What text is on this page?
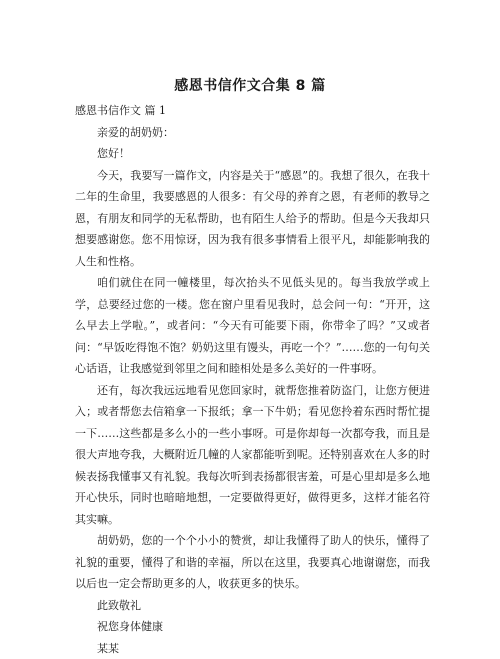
感恩书信作文合集 8 篇

感恩书信作文 篇 1

亲爱的胡奶奶：

您好！

今天，我要写一篇作文，内容是关于“感恩”的。我想了很久，在我十二年的生命里，我要感恩的人很多：有父母的养育之恩，有老师的教导之恩，有朋友和同学的无私帮助，也有陌生人给予的帮助。但是今天我却只想要感谢您。您不用惊讶，因为我有很多事情看上很平凡，却能影响我的人生和性格。

咱们就住在同一幢楼里，每次抬头不见低头见的。每当我放学或上学，总要经过您的一楼。您在窗户里看见我时，总会问一句：“开开，这么早去上学啦。”，或者问：“今天有可能要下雨，你带伞了吗？”又或者问：“早饭吃得饱不饱？奶奶这里有馒头，再吃一个？”……您的一句句关心话语，让我感觉到邻里之间和睦相处是多么美好的一件事呀。

还有，每次我远远地看见您回家时，就帮您推着防盗门，让您方便进入；或者帮您去信箱拿一下报纸；拿一下牛奶；看见您拎着东西时帮忙提一下……这些都是多么小的一些小事呀。可是你却每一次都夸我，而且是很大声地夸我，大概附近几幢的人家都能听到呢。还特别喜欢在人多的时候表扬我懂事又有礼貌。我每次听到表扬都很害羞，可是心里却是多么地开心快乐，同时也暗暗地想，一定要做得更好，做得更多，这样才能名符其实嘛。

胡奶奶，您的一个个小小的赞赏，却让我懂得了助人的快乐，懂得了礼貌的重要，懂得了和谐的幸福，所以在这里，我要真心地谢谢您，而我以后也一定会帮助更多的人，收获更多的快乐。

此致敬礼

祝您身体健康

某某
